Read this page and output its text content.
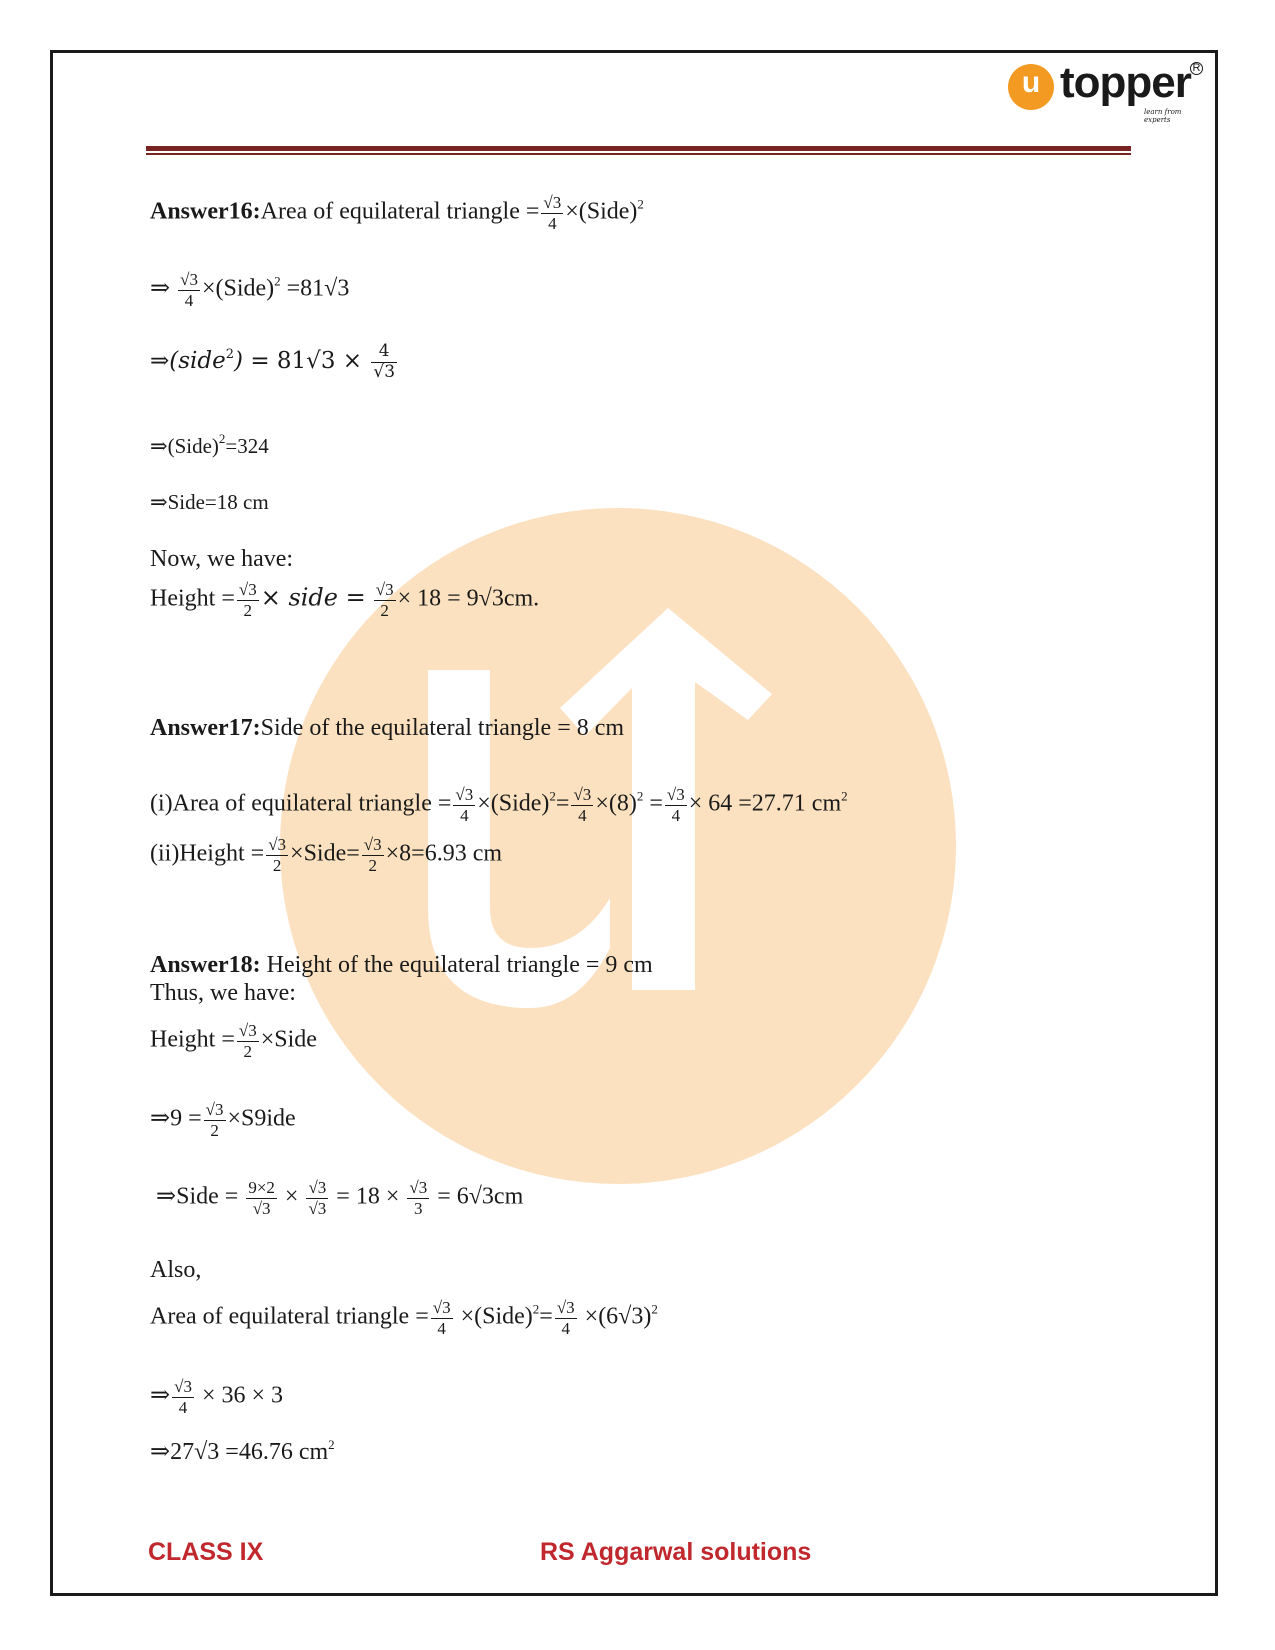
u topper R
learn from experts
Answer16:Area of equilateral triangle = $\frac{√3}{4}$ ×(Side)$^2$
⇒ $\frac{√3}{4}$ ×(Side)$^2$ =81√3
⇒(side$^2$) = $81√3 \times \frac{4}{√3}$
⇒(Side)$^2$=324
⇒Side=18 cm
Now, we have:
Height = $\frac{√3}{2}$ × side = $\frac{√3}{2} \times 18 = 9√3cm$.
Answer17:Side of the equilateral triangle = 8 cm
(i)Area of equilateral triangle = $\frac{√3}{4}$ ×(Side)$^2$= $\frac{√3}{4} \times(8)^2 = \frac{√3}{4} \times 64 =27.71$ $cm^2$
(ii)Height = $\frac{√3}{2}$ ×Side= $\frac{√3}{2} \times 8=6.93$ cm
Answer18: Height of the equilateral triangle = 9 cm
Thus, we have:
Height = $\frac{√3}{2}$ ×Side
⇒9 = $\frac{√3}{2} \times S9ide$
⇒Side = $\frac{9\times 2}{√3} \times \frac{√3}{√3} = 18 \times \frac{√3}{3} = 6√3cm$
Also,
Area of equilateral triangle = $\frac{√3}{4}$ ×(Side)$^2$= $\frac{√3}{4} \times(6√3)^2$
⇒ $\frac{√3}{4} \times 36 \times 3$
⇒27√3 =46.76 $cm^2$
CLASS IX	RS Aggarwal solutions
